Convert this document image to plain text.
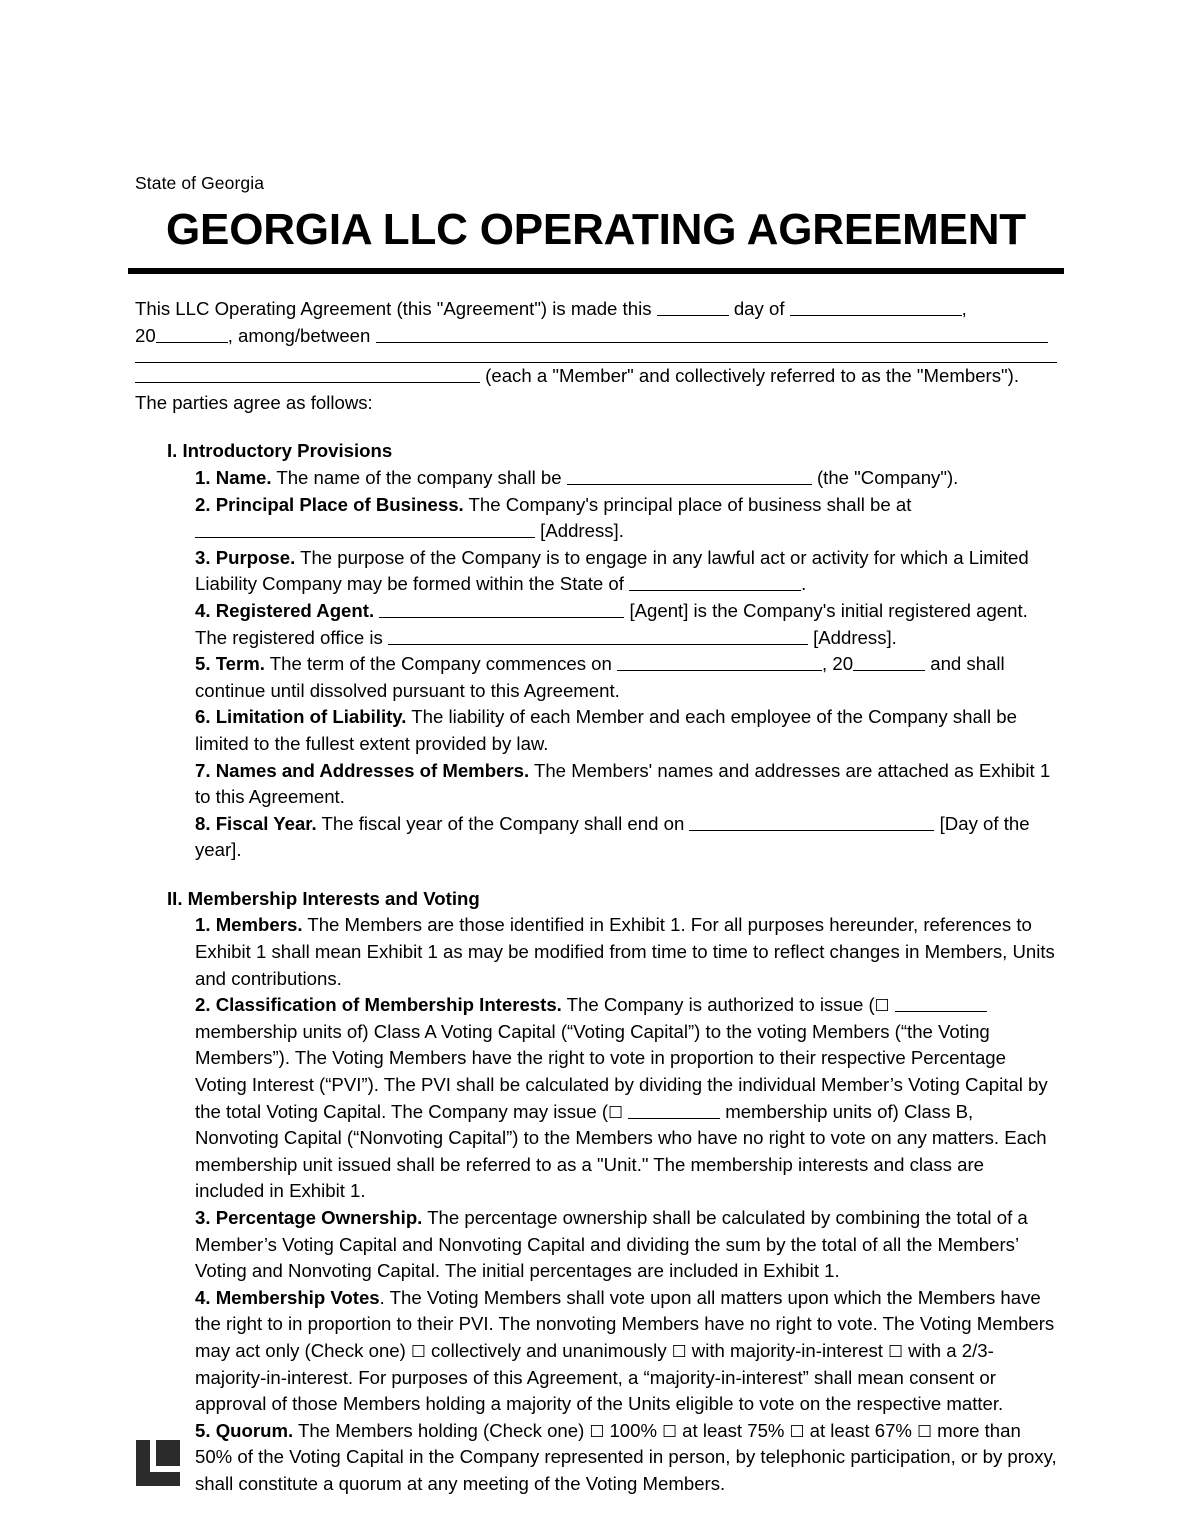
State of Georgia
GEORGIA LLC OPERATING AGREEMENT

This LLC Operating Agreement (this "Agreement") is made this	day of	,
20	, among/between
(each a "Member" and collectively referred to as the "Members").
The parties agree as follows:

I. Introductory Provisions

1. Name. The name of the company shall be	(the "Company").

2. Principal Place of Business. The Company's principal place of business shall be at
[Address].

3. Purpose. The purpose of the Company is to engage in any lawful act or activity for which a Limited Liability Company may be formed within the State of	.

4. Registered Agent.	[Agent] is the Company's initial registered agent. The registered office is	[Address].

5. Term. The term of the Company commences on	, 20	and shall continue until dissolved pursuant to this Agreement.

6. Limitation of Liability. The liability of each Member and each employee of the Company shall be limited to the fullest extent provided by law.

7. Names and Addresses of Members. The Members' names and addresses are attached as Exhibit 1 to this Agreement.

8. Fiscal Year. The fiscal year of the Company shall end on	[Day of the year].

II. Membership Interests and Voting

1. Members. The Members are those identified in Exhibit 1. For all purposes hereunder, references to Exhibit 1 shall mean Exhibit 1 as may be modified from time to time to reflect changes in Members, Units and contributions.

2. Classification of Membership Interests. The Company is authorized to issue (☐  membership units of) Class A Voting Capital (“Voting Capital”) to the voting Members (“the Voting Members”). The Voting Members have the right to vote in proportion to their respective Percentage Voting Interest (“PVI”). The PVI shall be calculated by dividing the individual Member’s Voting Capital by the total Voting Capital. The Company may issue (☐	membership units of) Class B, Nonvoting Capital (“Nonvoting Capital”) to the Members who have no right to vote on any matters. Each membership unit issued shall be referred to as a "Unit." The membership interests and class are included in Exhibit 1.

3. Percentage Ownership. The percentage ownership shall be calculated by combining the total of a Member’s Voting Capital and Nonvoting Capital and dividing the sum by the total of all the Members’ Voting and Nonvoting Capital. The initial percentages are included in Exhibit 1.

4. Membership Votes. The Voting Members shall vote upon all matters upon which the Members have the right to in proportion to their PVI. The nonvoting Members have no right to vote. The Voting Members may act only (Check one) ☐ collectively and unanimously ☐ with majority-in-interest ☐ with a 2/3-majority-in-interest. For purposes of this Agreement, a “majority-in-interest” shall mean consent or approval of those Members holding a majority of the Units eligible to vote on the respective matter.

5. Quorum. The Members holding (Check one) ☐ 100% ☐ at least 75% ☐ at least 67% ☐ more than 50% of the Voting Capital in the Company represented in person, by telephonic participation, or by proxy, shall constitute a quorum at any meeting of the Voting Members.
